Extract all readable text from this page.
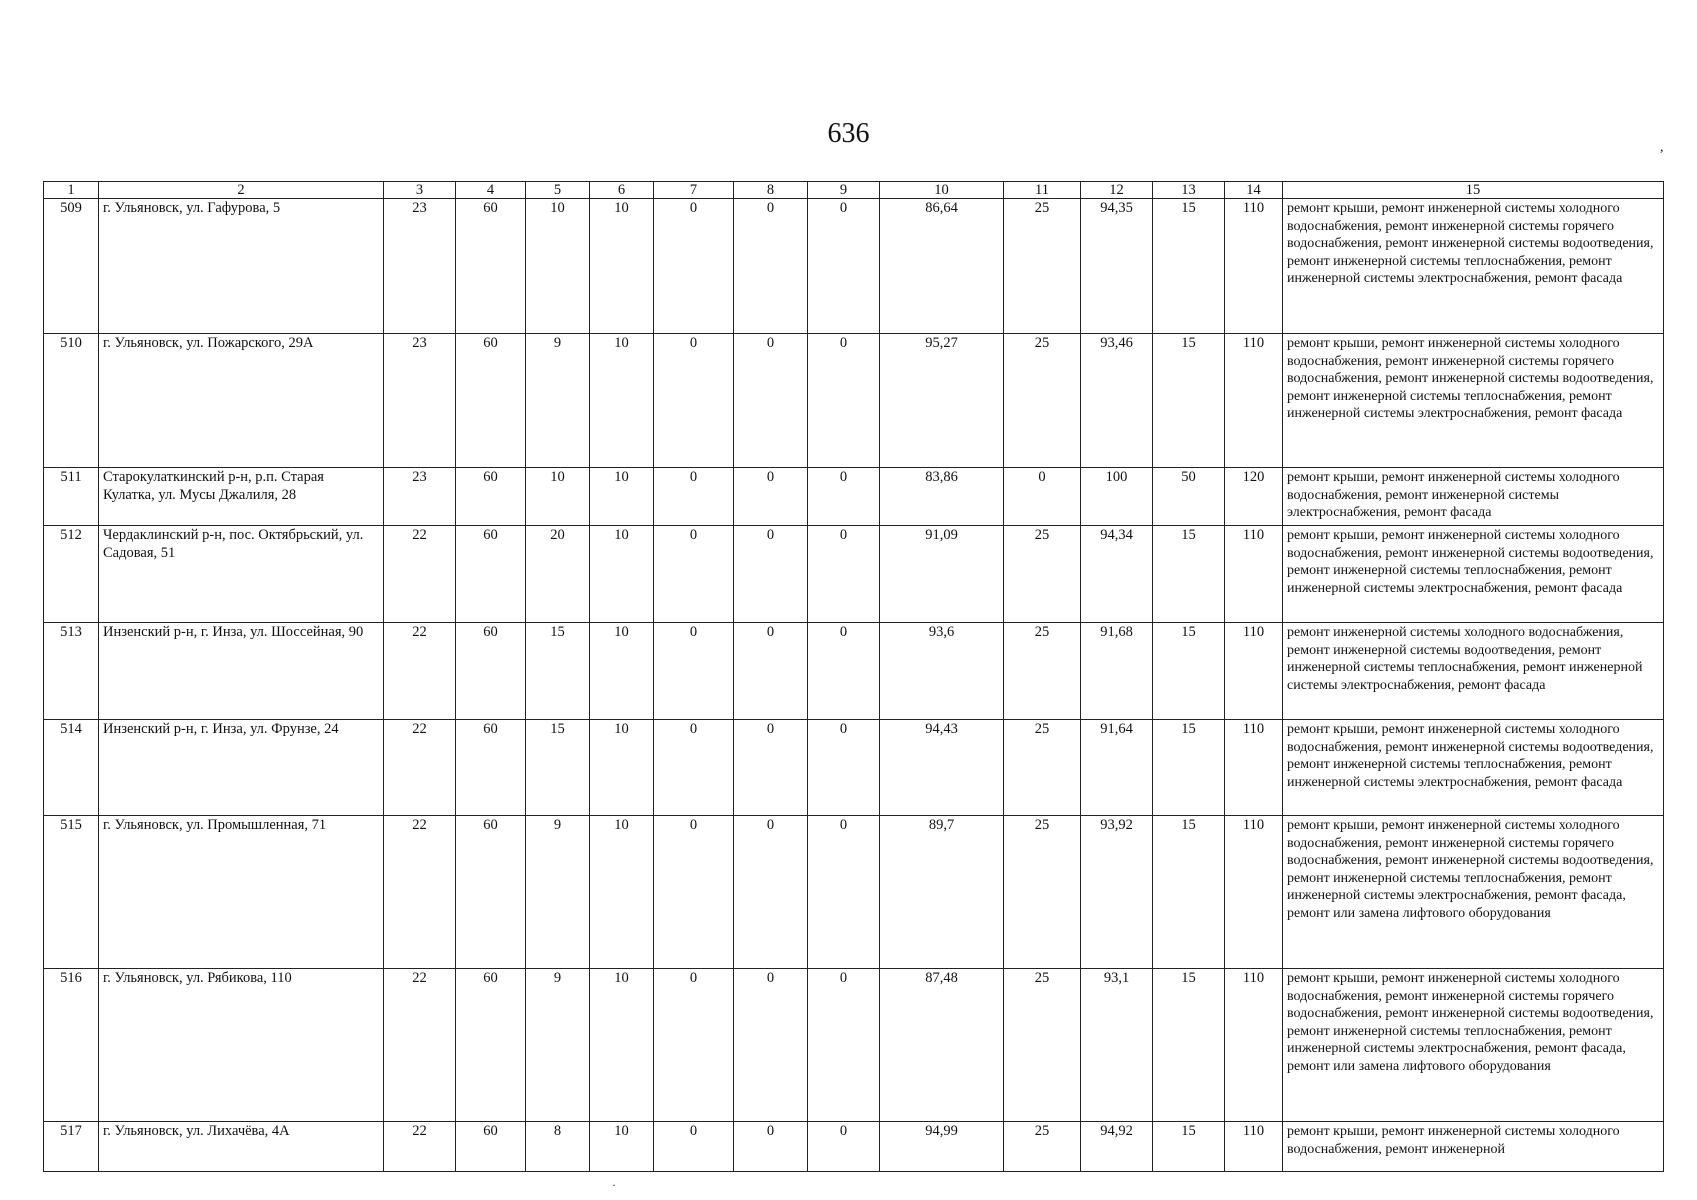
636	,
1	2	3	4	5	6	7	8	9	10	11	12	13	14	15
509	г. Ульяновск, ул. Гафурова, 5	23	60	10	10	0	0	0	86,64	25	94,35	15	110	ремонт крыши, ремонт инженерной системы холодного водоснабжения, ремонт инженерной системы горячего водоснабжения, ремонт инженерной системы водоотведения, ремонт инженерной системы теплоснабжения, ремонт инженерной системы электроснабжения, ремонт фасада
510	г. Ульяновск, ул. Пожарского, 29А	23	60	9	10	0	0	0	95,27	25	93,46	15	110	ремонт крыши, ремонт инженерной системы холодного водоснабжения, ремонт инженерной системы горячего водоснабжения, ремонт инженерной системы водоотведения, ремонт инженерной системы теплоснабжения, ремонт инженерной системы электроснабжения, ремонт фасада
511	Старокулаткинский р-н, р.п. Старая Кулатка, ул. Мусы Джалиля, 28	23	60	10	10	0	0	0	83,86	0	100	50	120	ремонт крыши, ремонт инженерной системы холодного водоснабжения, ремонт инженерной системы электроснабжения, ремонт фасада
512	Чердаклинский р-н, пос. Октябрьский, ул. Садовая, 51	22	60	20	10	0	0	0	91,09	25	94,34	15	110	ремонт крыши, ремонт инженерной системы холодного водоснабжения, ремонт инженерной системы водоотведения, ремонт инженерной системы теплоснабжения, ремонт инженерной системы электроснабжения, ремонт фасада
513	Инзенский р-н, г. Инза, ул. Шоссейная, 90	22	60	15	10	0	0	0	93,6	25	91,68	15	110	ремонт инженерной системы холодного водоснабжения, ремонт инженерной системы водоотведения, ремонт инженерной системы теплоснабжения, ремонт инженерной системы электроснабжения, ремонт фасада
514	Инзенский р-н, г. Инза, ул. Фрунзе, 24	22	60	15	10	0	0	0	94,43	25	91,64	15	110	ремонт крыши, ремонт инженерной системы холодного водоснабжения, ремонт инженерной системы водоотведения, ремонт инженерной системы теплоснабжения, ремонт инженерной системы электроснабжения, ремонт фасада
515	г. Ульяновск, ул. Промышленная, 71	22	60	9	10	0	0	0	89,7	25	93,92	15	110	ремонт крыши, ремонт инженерной системы холодного водоснабжения, ремонт инженерной системы горячего водоснабжения, ремонт инженерной системы водоотведения, ремонт инженерной системы теплоснабжения, ремонт инженерной системы электроснабжения, ремонт фасада, ремонт или замена лифтового оборудования
516	г. Ульяновск, ул. Рябикова, 110	22	60	9	10	0	0	0	87,48	25	93,1	15	110	ремонт крыши, ремонт инженерной системы холодного водоснабжения, ремонт инженерной системы горячего водоснабжения, ремонт инженерной системы водоотведения, ремонт инженерной системы теплоснабжения, ремонт инженерной системы электроснабжения, ремонт фасада, ремонт или замена лифтового оборудования
517	г. Ульяновск, ул. Лихачёва, 4А	22	60	8	10	0	0	0	94,99	25	94,92	15	110	ремонт крыши, ремонт инженерной системы холодного водоснабжения, ремонт инженерной
·
